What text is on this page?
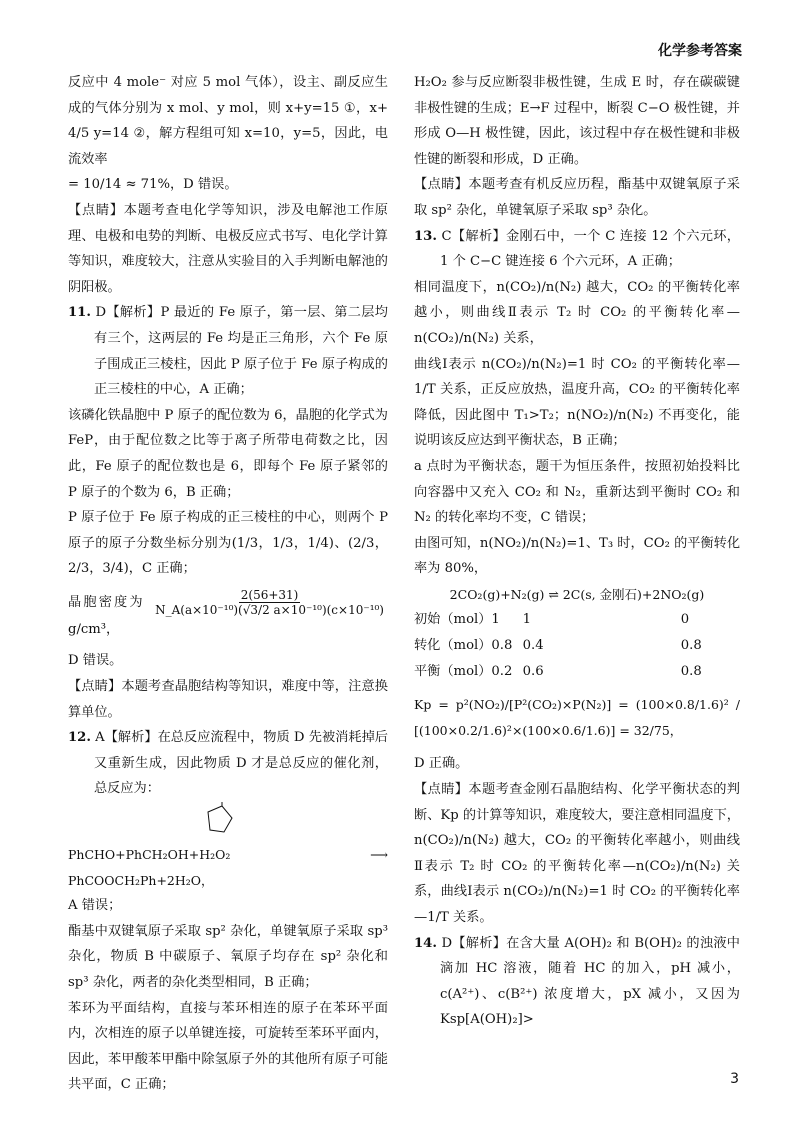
化学参考答案

反应中 4 mole⁻ 对应 5 mol 气体），设主、副反应生成的气体分别为 x mol、y mol，则 x+y=15 ①，x+ 4/5 y=14 ②，解方程组可知 x=10，y=5，因此，电流效率

= 10/14 ≈ 71%，D 错误。

【点睛】本题考查电化学等知识，涉及电解池工作原理、电极和电势的判断、电极反应式书写、电化学计算等知识，难度较大，注意从实验目的入手判断电解池的阴阳极。

11. D【解析】P 最近的 Fe 原子，第一层、第二层均有三个，这两层的 Fe 均是正三角形，六个 Fe 原子围成正三棱柱，因此 P 原子位于 Fe 原子构成的正三棱柱的中心，A 正确；

该磷化铁晶胞中 P 原子的配位数为 6，晶胞的化学式为 FeP，由于配位数之比等于离子所带电荷数之比，因此，Fe 原子的配位数也是 6，即每个 Fe 原子紧邻的 P 原子的个数为 6，B 正确；

P 原子位于 Fe 原子构成的正三棱柱的中心，则两个 P 原子的原子分数坐标分别为(1/3，1/3，1/4)、(2/3，2/3，3/4)，C 正确；

晶胞密度为 $\frac{2(56+31)}{\text{N\_A(a×10⁻¹⁰)(√3/2 a×10⁻¹⁰)(c×10⁻¹⁰)}}$
g/cm³，

D 错误。

【点睛】本题考查晶胞结构等知识，难度中等，注意换算单位。

12. A【解析】在总反应流程中，物质 D 先被消耗掉后又重新生成，因此物质 D 才是总反应的催化剂，总反应为：

PhCHO+PhCH₂OH+H₂O₂ ⟶ PhCOOCH₂Ph+2H₂O，

A 错误；

酯基中双键氧原子采取 sp² 杂化，单键氧原子采取 sp³ 杂化，物质 B 中碳原子、氧原子均存在 sp² 杂化和 sp³ 杂化，两者的杂化类型相同，B 正确；

苯环为平面结构，直接与苯环相连的原子在苯环平面内，次相连的原子以单键连接，可旋转至苯环平面内，因此，苯甲酸苯甲酯中除氢原子外的其他所有原子可能共平面，C 正确；

H₂O₂ 参与反应断裂非极性键，生成 E 时，存在碳碳键非极性键的生成；E→F 过程中，断裂 C−O 极性键，并形成 O—H 极性键，因此，该过程中存在极性键和非极性键的断裂和形成，D 正确。

【点睛】本题考查有机反应历程，酯基中双键氧原子采取 sp² 杂化，单键氧原子采取 sp³ 杂化。

13. C【解析】金刚石中，一个 C 连接 12 个六元环，1 个 C−C 键连接 6 个六元环，A 正确；

相同温度下，n(CO₂)/n(N₂) 越大，CO₂ 的平衡转化率越小，则曲线Ⅱ表示 T₂ 时 CO₂ 的平衡转化率—n(CO₂)/n(N₂) 关系，

曲线Ⅰ表示 n(CO₂)/n(N₂)=1 时 CO₂ 的平衡转化率—1/T 关系，正反应放热，温度升高，CO₂ 的平衡转化率降低，因此图中 T₁>T₂；n(NO₂)/n(N₂) 不再变化，能说明该反应达到平衡状态，B 正确；

a 点时为平衡状态，题干为恒压条件，按照初始投料比向容器中又充入 CO₂ 和 N₂，重新达到平衡时 CO₂ 和 N₂ 的转化率均不变，C 错误；

由图可知，n(NO₂)/n(N₂)=1、T₃ 时，CO₂ 的平衡转化率为 80%，

2CO₂(g)+N₂(g) ⇌ 2C(s, 金刚石)+2NO₂(g)

初始（mol）1	1	0
转化（mol）0.8 0.4	0.8
平衡（mol）0.2 0.6	0.8

Kp = p²(NO₂)/[P²(CO₂)×P(N₂)] = (100×0.8/1.6)² / [(100×0.2/1.6)²×(100×0.6/1.6)] = 32/75，

D 正确。

【点睛】本题考查金刚石晶胞结构、化学平衡状态的判断、Kp 的计算等知识，难度较大，要注意相同温度下，n(CO₂)/n(N₂) 越大，CO₂ 的平衡转化率越小，则曲线Ⅱ表示 T₂ 时 CO₂ 的平衡转化率—n(CO₂)/n(N₂) 关系，曲线Ⅰ表示 n(CO₂)/n(N₂)=1 时 CO₂ 的平衡转化率—1/T 关系。

14. D【解析】在含大量 A(OH)₂ 和 B(OH)₂ 的浊液中滴加 HC 溶液，随着 HC 的加入，pH 减小，c(A²⁺)、c(B²⁺) 浓度增大，pX 减小，又因为 Ksp[A(OH)₂]>

3
